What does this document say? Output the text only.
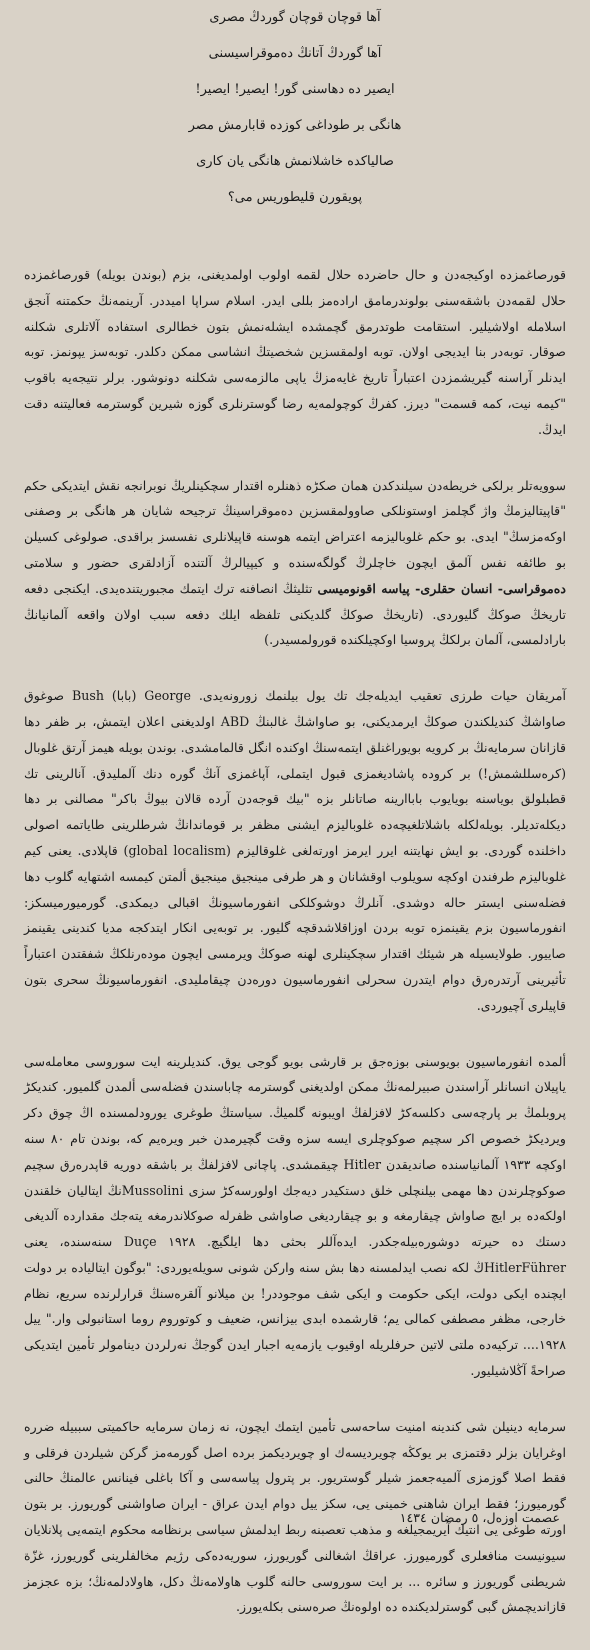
آها قوچان قوچان گوردڭ مصری
آها گوردڭ آتانڭ دەموقراسیسنی
ایصیر ده دهاسنی گور! ایصیر! ایصیر!
هانگی بر طوداغی کوزده قابارمش مصر
صالیاکده خاشلانمش هانگی یان کاری
پویقورن قلیطوریس می؟

قورصاغمزده اوکیجەدن و حال حاضرده حلال لقمە اولوب اولمدیغنی، بزم (بوندن بویله) قورصاغمزده حلال لقمەدن باشقەسنی بولوندرمامق ارادەمز بللی ایدر. اسلام سراپا امیددر. آرینمەنڭ حکمتنە آنجق اسلامله اولاشیلیر. استقامت طوتدرمق گچمشده ایشلەنمش بتون خطالری استفاده آلاتلری شکلنه صوقار. توبەدر بنا ایدیجی اولان. توبه اولمقسزین شخصیتڭ انشاسی ممکن دکلدر. توبەسز یپونمز. توبه ایدنلر آراسنه گیریشمزدن اعتباراً تاریخ غایەمزڭ یاپی مالزمەسی شکلنه دونوشور. برلر نتیجەیه باقوب "کیمه نیت، کمه قسمت" دیرز. کفرڭ کوچولمەیه رضا گوسترنلری گوزه شیرین گوسترمه فعالیتنه دقت ایدڭ.

سوویەتلر برلکی خریطەدن سیلندکدن همان صکڑه ذهنلره اقتدار سچکینلریڭ نوبرانجه نقش ایتدیکی حکم "قاپیتالیزمڭ واژ گچلمز اوستونلکی صاوولمقسزین دەموقراسینڭ ترجیحه شایان هر هانگی بر وصفنی اوکەمزسڭ" ایدی. بو حکم غلوبالیزمه اعتراض ایتمه هوسنه قاپیلانلری نفسسز براقدی. صولوغی کسیلن بو طائفه نفس آلمق ایچون خاچلرڭ گولگەسنده و کیپیالرڭ آلتنده آزادلقری حضور و سلامتی دەموقراسی- انسان حقلری- پیاسه اقونومیسی تثلیثڭ انصافنه ترك ایتمك مجبوریتندەیدی. ایکنجی دفعه تاریخڭ صوکڭ گلیوردی. (تاریخڭ صوکڭ گلدیکنی تلفظه ایلك دفعه سبب اولان واقعه آلمانیانڭ بارادلمسی، آلمان برلکڭ پروسیا اوکچیلکنده قورولمسیدر.)

آمریقان حیات طرزی تعقیب ایدیلەجك تك یول بیلنمك زورونەیدی. George (بابا) Bush صوغوق صاواشڭ کندیلکندن صوکڭ ایرمدیکنی، بو صاواشڭ غالبنڭ ABD اولدیغنی اعلان ایتمش، بر ظفر دها قازانان سرمایەنڭ بر کرویه بویوراغنلق ایتمەسنڭ اوکنده انگل قالمامشدی. بوندن بویله هیمز آرتق غلوبال (کرەسللشمش!) بر کروده پاشادیغمزی قبول ایتملی، آپاغمزی آنڭ گوره دنك آلملیدق. آنالرینی تك قطبلولق بویاسنه بویایوب باباارینه صاتانلر بزه "بیك قوجەدن آرده قالان بیوڭ باکر" مصالنی بر دها دیکلەتدیلر. بویلەلکله باشلاتلغیچەده غلوبالیزم ایشنی مظفر بر قوماندانڭ شرطلرینی طایاتمه اصولی داخلنده گوردی. بو ایش نهایتنه ایرر ایرمز اورتەلغی غلوقالیزم (global localism) قاپلادی. یعنی کیم غلوبالیزم طرفندن اوکچه سویلوب اوقشانان و هر طرفی مینجیق مینجیق ألمتن کیمسه اشتهایه گلوب دها فضلەسنی ایستر حاله دوشدی. آنلرڭ دوشوکلکی انفورماسیونڭ اقبالی دیمکدی. گورمیورمیسکز: انفورماسیون بزم یقینمزه توبه بردن اوزاقلاشدقچه گلیور. بر توبەیی انکار ایتدکجه مدیا کندینی یقینمز صاییور. طولایسیله هر شیئك اقتدار سچکینلری لهنه صوکڭ ویرمسی ایچون موده‌رنلکڭ شفقتدن اعتباراً تأثیرینی آرتدرەرق دوام ایتدرن سحرلی انفورماسیون دورەدن چیقاملیدی. انفورماسیونڭ سحری بتون قاپیلری آچیوردی.

ألمده انفورماسیون بویوسنی بوزەجق بر قارشی بویو گوجی یوق. کندیلرینه ایت سوروسی معاملەسی یاپیلان انسانلر آراسندن صبیرلمەنڭ ممکن اولدیغنی گوسترمه چاباسندن فضلەسی ألمدن گلمیور. کندیکڑ پروبلمڭ بر پارچەسی دکلسەکڑ لافزلفڭ اویبونه گلمیڭ. سیاستڭ طوغری یورودلمسنده اڭ چوق دکر ویردیکڑ خصوص اکر سچیم صوکوچلری ایسه سزه وقت گچیرمدن خبر ویرەیم که، بوندن تام ٨٠ سنه اوکچه ١٩٣٣ آلمانیاسنده صاندیقدن Hitler چیقمشدی. پاچانی لافزلفڭ بر باشقه دوریه قاپدرەرق سچیم صوکوچلرندن دها مهمی بیلنچلی خلق دستکیدر دیەجك اولورسەکڑ سزی Mussoliniنڭ ایتالیان خلقندن اولکەده بر ایچ صاواش چیقارمغه و بو چیقاردیغی صاواشی ظفرله صوکلاندرمغه یتەجك مقدارده آلدیغی دستك ده حیرته دوشورەبیلەجکدر. ایده‌آللر بحثی دها ایلگیچ. ١٩٢٨ Duçe سنەسنده، یعنی HitlerFührerڭ لکه نصب ایدلمسنه دها بش سنه وارکن شونی سویلەیوردی: "بوگون ایتالیاده بر دولت ایچنده ایکی دولت، ایکی حکومت و ایکی شف موجوددر! بن میلانو آلقرەسنڭ قرارلرنده سریع، نظام خارجی، مظفر مصطفی کمالی یم؛ قارشمده ابدی بیزانس، ضعیف و کوتوروم روما استانبولی وار." ییل ١٩٢٨.... ترکیەده ملتی لاتین حرفلریله اوقیوب یازمەیه اجبار ایدن گوجڭ نەرلردن دینامولر تأمین ایتدیکی صراحةً آڭلاشیلیور.

سرمایه دینیلن شی کندینه امنیت ساحەسی تأمین ایتمك ایچون، نه زمان سرمایه حاکمیتی سببیله ضرره اوغرایان بزلر دقتمزی بر یوکڭه چویردیسەك او چویردیکمز برده اصل گورمەمز گرکن شیلردن فرقلی و فقط اصلا گوزمزی آلمیەجعمز شیلر گوستریور. بر پترول پیاسەسی و آکا باغلی فینانس عالمنڭ حالنی گورمیورز؛ فقط ایران شاهنی خمینی یی، سکز ییل دوام ایدن عراق - ایران صاواشنی گوریورز. بر بتون اورته طوغی یی انتیك آیریمجیلغه و مذهب تعصبنه ربط ایدلمش سیاسی برنظامه محکوم ایتمەیی پلانلایان سیونیست منافعلری گورمیورز. عراقڭ اشغالنی گوریورز، سوریەدەکی رژیم مخالفلرینی گوریورز، غزّة شریطنی گوریورز و سائره ... بر ایت سوروسی حالنه گلوب هاولامەنڭ دکل، هاولادلمەنڭ؛ بزه عجزمز قازاندیچمش گبی گوسترلدیکنده ده اولوەنڭ صرەسنی بکلەیورز.

عصمت اوزەل، ٥ رمضان ١٤٣٤
